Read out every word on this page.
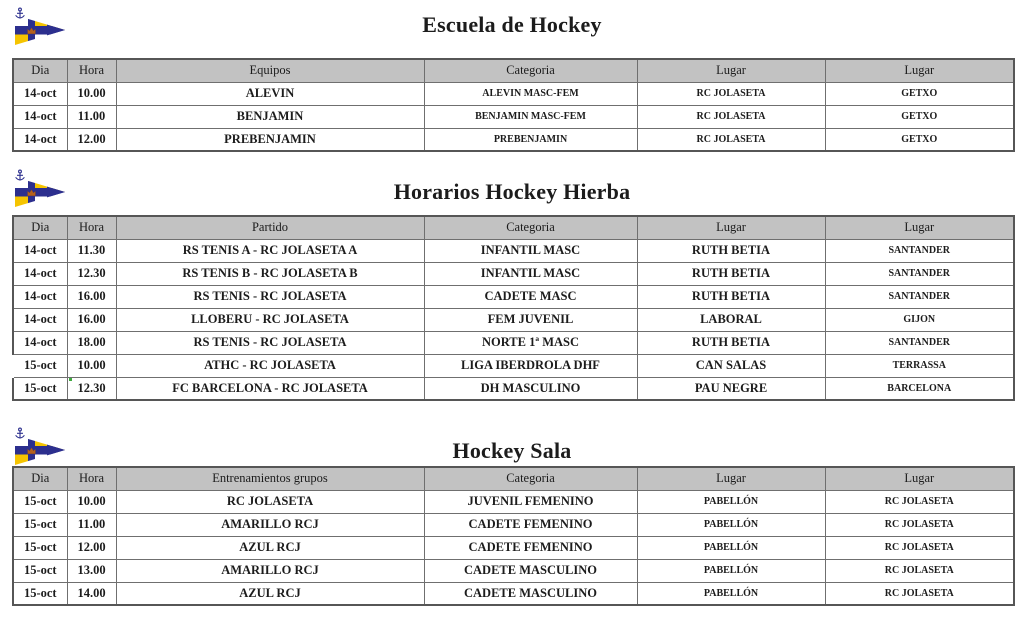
Escuela de Hockey
Dia	Hora	Equipos	Categoria	Lugar	Lugar
14-oct	10.00	ALEVIN	ALEVIN MASC-FEM	RC JOLASETA	GETXO
14-oct	11.00	BENJAMIN	BENJAMIN MASC-FEM	RC JOLASETA	GETXO
14-oct	12.00	PREBENJAMIN	PREBENJAMIN	RC JOLASETA	GETXO
Horarios Hockey Hierba
Dia	Hora	Partido	Categoria	Lugar	Lugar
14-oct	11.30	RS TENIS A - RC JOLASETA A	INFANTIL MASC	RUTH BETIA	SANTANDER
14-oct	12.30	RS TENIS B - RC JOLASETA B	INFANTIL MASC	RUTH BETIA	SANTANDER
14-oct	16.00	RS TENIS - RC JOLASETA	CADETE MASC	RUTH BETIA	SANTANDER
14-oct	16.00	LLOBERU - RC JOLASETA	FEM JUVENIL	LABORAL	GIJON
14-oct	18.00	RS TENIS - RC JOLASETA	NORTE 1ª MASC	RUTH BETIA	SANTANDER
15-oct	10.00	ATHC - RC JOLASETA	LIGA IBERDROLA DHF	CAN SALAS	TERRASSA
15-oct	12.30	FC BARCELONA - RC JOLASETA	DH MASCULINO	PAU NEGRE	BARCELONA
Hockey Sala
Dia	Hora	Entrenamientos grupos	Categoria	Lugar	Lugar
15-oct	10.00	RC JOLASETA	JUVENIL FEMENINO	PABELLÓN	RC JOLASETA
15-oct	11.00	AMARILLO RCJ	CADETE FEMENINO	PABELLÓN	RC JOLASETA
15-oct	12.00	AZUL RCJ	CADETE FEMENINO	PABELLÓN	RC JOLASETA
15-oct	13.00	AMARILLO RCJ	CADETE MASCULINO	PABELLÓN	RC JOLASETA
15-oct	14.00	AZUL RCJ	CADETE MASCULINO	PABELLÓN	RC JOLASETA
